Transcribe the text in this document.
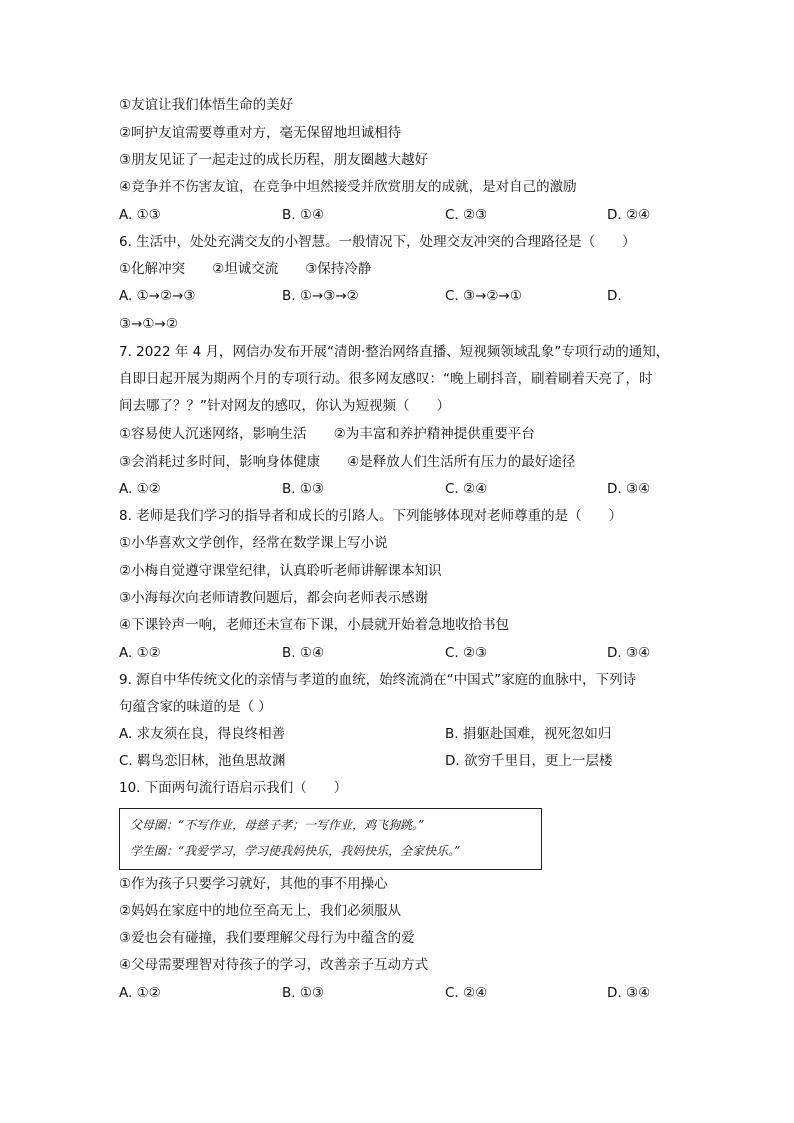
①友谊让我们体悟生命的美好
②呵护友谊需要尊重对方，毫无保留地坦诚相待
③朋友见证了一起走过的成长历程，朋友圈越大越好
④竞争并不伤害友谊，在竞争中坦然接受并欣赏朋友的成就，是对自己的激励
A. ①③	B. ①④	C. ②③	D. ②④
6. 生活中，处处充满交友的小智慧。一般情况下，处理交友冲突的合理路径是（　　）
①化解冲突　　②坦诚交流　　③保持冷静
A. ①→②→③	B. ①→③→②	C. ③→②→①	D.
③→①→②
7. 2022 年 4 月，网信办发布开展“清朗·整治网络直播、短视频领域乱象”专项行动的通知，
自即日起开展为期两个月的专项行动。很多网友感叹：“晚上刷抖音，刷着刷着天亮了，时
间去哪了？？”针对网友的感叹，你认为短视频（　　）
①容易使人沉迷网络，影响生活　　②为丰富和养护精神提供重要平台
③会消耗过多时间，影响身体健康　　④是释放人们生活所有压力的最好途径
A. ①②	B. ①③	C. ②④	D. ③④
8. 老师是我们学习的指导者和成长的引路人。下列能够体现对老师尊重的是（　　）
①小华喜欢文学创作，经常在数学课上写小说
②小梅自觉遵守课堂纪律，认真聆听老师讲解课本知识
③小海每次向老师请教问题后，都会向老师表示感谢
④下课铃声一响，老师还未宣布下课，小晨就开始着急地收拾书包
A. ①②	B. ①④	C. ②③	D. ③④
9. 源自中华传统文化的亲情与孝道的血统，始终流淌在“中国式”家庭的血脉中，下列诗
句蕴含家的味道的是（ ）
A. 求友须在良，得良终相善	B. 捐躯赴国难，视死忽如归
C. 羁鸟恋旧林，池鱼思故渊	D. 欲穷千里目，更上一层楼
10. 下面两句流行语启示我们（　　）
父母圈：“不写作业，母慈子孝；一写作业，鸡飞狗跳。”
学生圈：“我爱学习，学习使我妈快乐，我妈快乐，全家快乐。”
①作为孩子只要学习就好，其他的事不用操心
②妈妈在家庭中的地位至高无上，我们必须服从
③爱也会有碰撞，我们要理解父母行为中蕴含的爱
④父母需要理智对待孩子的学习，改善亲子互动方式
A. ①②	B. ①③	C. ②④	D. ③④
